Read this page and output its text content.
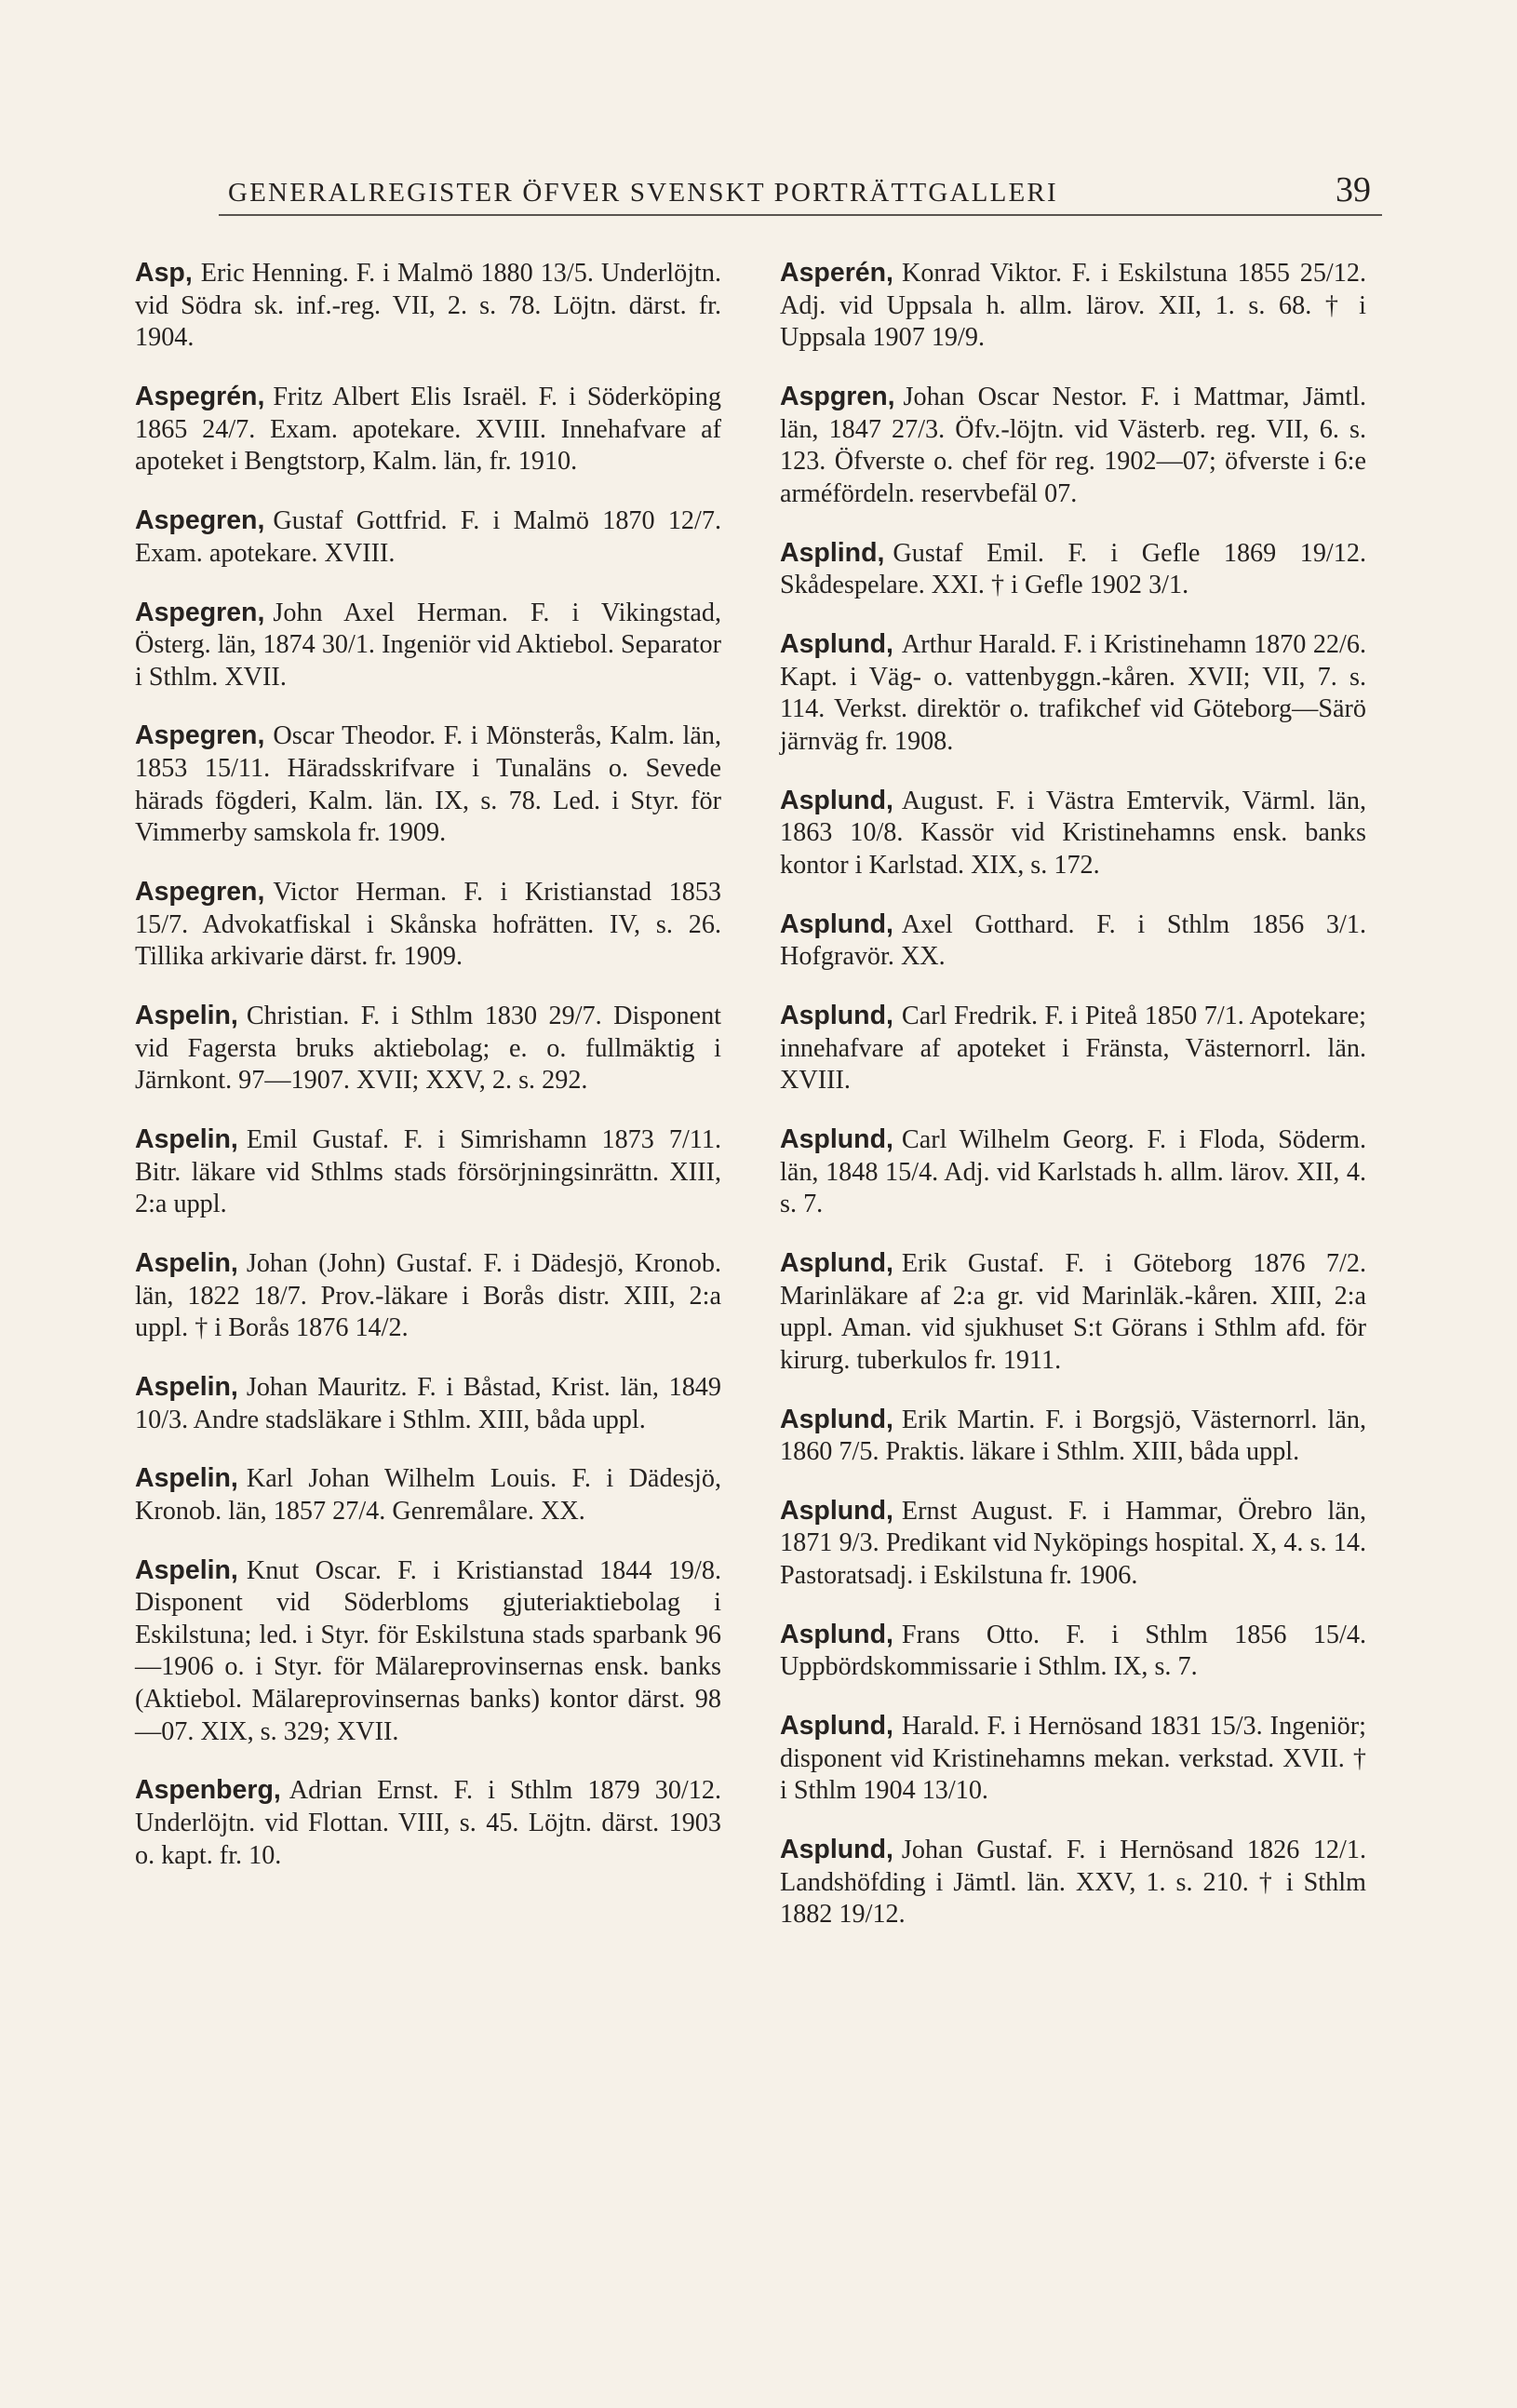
GENERALREGISTER ÖFVER SVENSKT PORTRÄTTGALLERI	39

Asp, Eric Henning. F. i Malmö 1880 13/5. Underlöjtn. vid Södra sk. inf.-reg. VII, 2. s. 78. Löjtn. därst. fr. 1904.

Aspegrén, Fritz Albert Elis Israël. F. i Söderköping 1865 24/7. Exam. apotekare. XVIII. Innehafvare af apoteket i Bengtstorp, Kalm. län, fr. 1910.

Aspegren, Gustaf Gottfrid. F. i Malmö 1870 12/7. Exam. apotekare. XVIII.

Aspegren, John Axel Herman. F. i Vikingstad, Österg. län, 1874 30/1. Ingeniör vid Aktiebol. Separator i Sthlm. XVII.

Aspegren, Oscar Theodor. F. i Mönsterås, Kalm. län, 1853 15/11. Häradsskrifvare i Tunaläns o. Sevede härads fögderi, Kalm. län. IX, s. 78. Led. i Styr. för Vimmerby samskola fr. 1909.

Aspegren, Victor Herman. F. i Kristianstad 1853 15/7. Advokatfiskal i Skånska hofrätten. IV, s. 26. Tillika arkivarie därst. fr. 1909.

Aspelin, Christian. F. i Sthlm 1830 29/7. Disponent vid Fagersta bruks aktiebolag; e. o. fullmäktig i Järnkont. 97—1907. XVII; XXV, 2. s. 292.

Aspelin, Emil Gustaf. F. i Simrishamn 1873 7/11. Bitr. läkare vid Sthlms stads försörjningsinrättn. XIII, 2:a uppl.

Aspelin, Johan (John) Gustaf. F. i Dädesjö, Kronob. län, 1822 18/7. Prov.-läkare i Borås distr. XIII, 2:a uppl. † i Borås 1876 14/2.

Aspelin, Johan Mauritz. F. i Båstad, Krist. län, 1849 10/3. Andre stadsläkare i Sthlm. XIII, båda uppl.

Aspelin, Karl Johan Wilhelm Louis. F. i Dädesjö, Kronob. län, 1857 27/4. Genremålare. XX.

Aspelin, Knut Oscar. F. i Kristianstad 1844 19/8. Disponent vid Söderbloms gjuteriaktiebolag i Eskilstuna; led. i Styr. för Eskilstuna stads sparbank 96—1906 o. i Styr. för Mälareprovinsernas ensk. banks (Aktiebol. Mälareprovinsernas banks) kontor därst. 98—07. XIX, s. 329; XVII.

Aspenberg, Adrian Ernst. F. i Sthlm 1879 30/12. Underlöjtn. vid Flottan. VIII, s. 45. Löjtn. därst. 1903 o. kapt. fr. 10.

Asperén, Konrad Viktor. F. i Eskilstuna 1855 25/12. Adj. vid Uppsala h. allm. lärov. XII, 1. s. 68. † i Uppsala 1907 19/9.

Aspgren, Johan Oscar Nestor. F. i Mattmar, Jämtl. län, 1847 27/3. Öfv.-löjtn. vid Västerb. reg. VII, 6. s. 123. Öfverste o. chef för reg. 1902—07; öfverste i 6:e arméfördeln. reservbefäl 07.

Asplind, Gustaf Emil. F. i Gefle 1869 19/12. Skådespelare. XXI. † i Gefle 1902 3/1.

Asplund, Arthur Harald. F. i Kristinehamn 1870 22/6. Kapt. i Väg- o. vattenbyggn.-kåren. XVII; VII, 7. s. 114. Verkst. direktör o. trafikchef vid Göteborg—Särö järnväg fr. 1908.

Asplund, August. F. i Västra Emtervik, Värml. län, 1863 10/8. Kassör vid Kristinehamns ensk. banks kontor i Karlstad. XIX, s. 172.

Asplund, Axel Gotthard. F. i Sthlm 1856 3/1. Hofgravör. XX.

Asplund, Carl Fredrik. F. i Piteå 1850 7/1. Apotekare; innehafvare af apoteket i Fränsta, Västernorrl. län. XVIII.

Asplund, Carl Wilhelm Georg. F. i Floda, Söderm. län, 1848 15/4. Adj. vid Karlstads h. allm. lärov. XII, 4. s. 7.

Asplund, Erik Gustaf. F. i Göteborg 1876 7/2. Marinläkare af 2:a gr. vid Marinläk.-kåren. XIII, 2:a uppl. Aman. vid sjukhuset S:t Görans i Sthlm afd. för kirurg. tuberkulos fr. 1911.

Asplund, Erik Martin. F. i Borgsjö, Västernorrl. län, 1860 7/5. Praktis. läkare i Sthlm. XIII, båda uppl.

Asplund, Ernst August. F. i Hammar, Örebro län, 1871 9/3. Predikant vid Nyköpings hospital. X, 4. s. 14. Pastoratsadj. i Eskilstuna fr. 1906.

Asplund, Frans Otto. F. i Sthlm 1856 15/4. Uppbördskommissarie i Sthlm. IX, s. 7.

Asplund, Harald. F. i Hernösand 1831 15/3. Ingeniör; disponent vid Kristinehamns mekan. verkstad. XVII. † i Sthlm 1904 13/10.

Asplund, Johan Gustaf. F. i Hernösand 1826 12/1. Landshöfding i Jämtl. län. XXV, 1. s. 210. † i Sthlm 1882 19/12.
